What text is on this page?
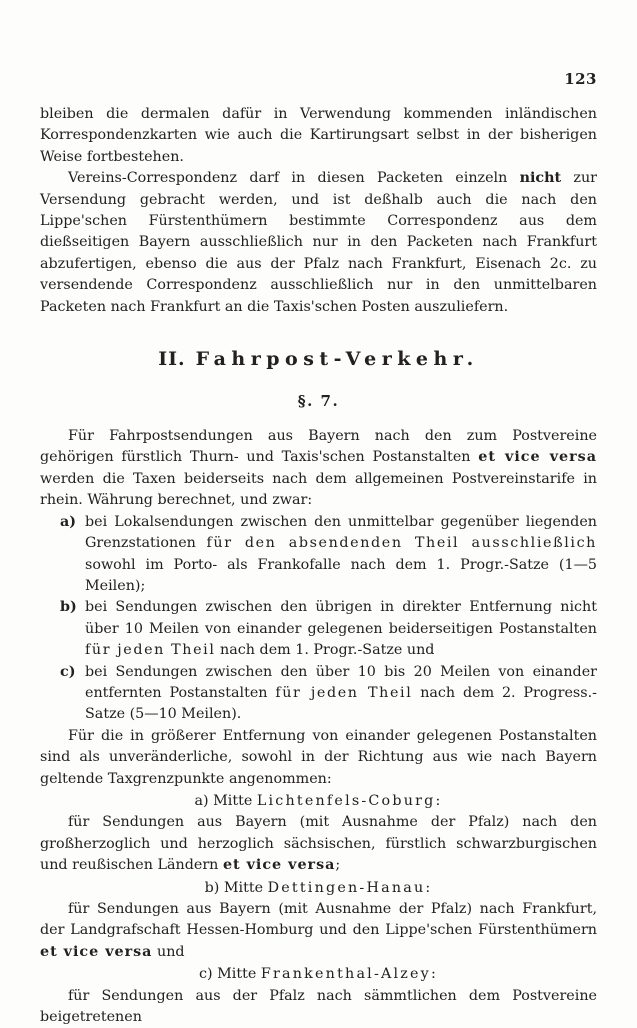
123

bleiben die dermalen dafür in Verwendung kommenden inländischen Korrespondenzkarten wie auch die Kartirungsart selbst in der bisherigen Weise fortbestehen.

Vereins-Correspondenz darf in diesen Packeten einzeln nicht zur Versendung gebracht werden, und ist deßhalb auch die nach den Lippe'schen Fürstenthümern bestimmte Correspondenz aus dem dießseitigen Bayern ausschließlich nur in den Packeten nach Frankfurt abzufertigen, ebenso die aus der Pfalz nach Frankfurt, Eisenach 2c. zu versendende Correspondenz ausschließlich nur in den unmittelbaren Packeten nach Frankfurt an die Taxis'schen Posten auszuliefern.

II. Fahrpost-Verkehr.
§. 7.

Für Fahrpostsendungen aus Bayern nach den zum Postvereine gehörigen fürstlich Thurn- und Taxis'schen Postanstalten et vice versa werden die Taxen beiderseits nach dem allgemeinen Postvereinstarife in rhein. Währung berechnet, und zwar:

a) bei Lokalsendungen zwischen den unmittelbar gegenüber liegenden Grenzstationen für den absendenden Theil ausschließlich sowohl im Porto- als Frankofalle nach dem 1. Progr.-Satze (1—5 Meilen);
b) bei Sendungen zwischen den übrigen in direkter Entfernung nicht über 10 Meilen von einander gelegenen beiderseitigen Postanstalten für jeden Theil nach dem 1. Progr.-Satze und
c) bei Sendungen zwischen den über 10 bis 20 Meilen von einander entfernten Postanstalten für jeden Theil nach dem 2. Progress.-Satze (5—10 Meilen).

Für die in größerer Entfernung von einander gelegenen Postanstalten sind als unveränderliche, sowohl in der Richtung aus wie nach Bayern geltende Taxgrenzpunkte angenommen:

a) Mitte Lichtenfels-Coburg:

für Sendungen aus Bayern (mit Ausnahme der Pfalz) nach den großherzoglich und herzoglich sächsischen, fürstlich schwarzburgischen und reußischen Ländern et vice versa;

b) Mitte Dettingen-Hanau:

für Sendungen aus Bayern (mit Ausnahme der Pfalz) nach Frankfurt, der Landgrafschaft Hessen-Homburg und den Lippe'schen Fürstenthümern et vice versa und

c) Mitte Frankenthal-Alzey:

für Sendungen aus der Pfalz nach sämmtlichen dem Postvereine beigetretenen
